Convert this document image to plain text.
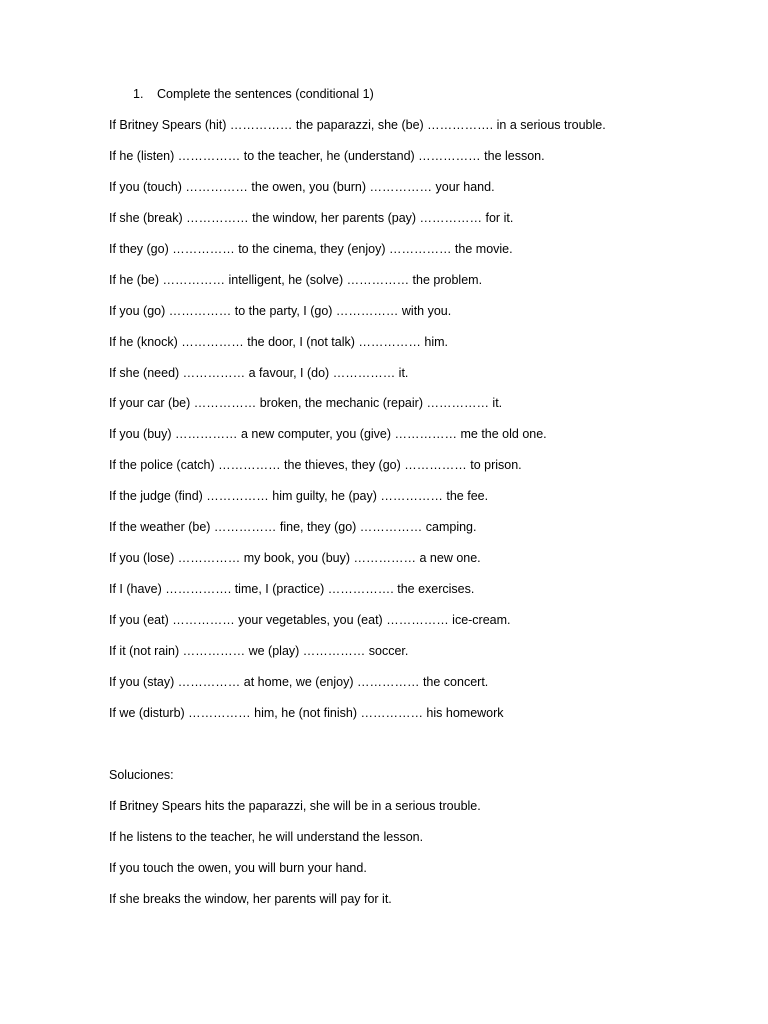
1.	Complete the sentences (conditional 1)
If Britney Spears (hit) …………… the paparazzi, she (be) ……………. in a serious trouble.
If he (listen) …………… to the teacher, he (understand) …………… the lesson.
If you (touch) …………… the owen, you (burn) …………… your hand.
If she (break) …………… the window, her parents (pay) …………… for it.
If they (go) …………… to the cinema, they (enjoy) …………… the movie.
If he (be) …………… intelligent, he (solve) …………… the problem.
If you (go) …………… to the party, I (go) …………… with you.
If he (knock) …………… the door, I (not talk) …………… him.
If she (need) …………… a favour, I (do) …………… it.
If your car (be) …………… broken, the mechanic (repair) …………… it.
If you (buy) …………… a new computer, you (give) …………… me the old one.
If the police (catch) …………… the thieves, they (go) …………… to prison.
If the judge (find) …………… him guilty, he (pay) …………… the fee.
If the weather (be) …………… fine, they (go) …………… camping.
If you (lose) …………… my book, you (buy) …………… a new one.
If I (have) ……………. time, I (practice) ……………. the exercises.
If you (eat) …………… your vegetables, you (eat) …………… ice-cream.
If it (not rain) …………… we (play) …………… soccer.
If you (stay) …………… at home, we (enjoy) …………… the concert.
If we (disturb) …………… him, he (not finish) …………… his homework
Soluciones:
If Britney Spears hits the paparazzi, she will be in a serious trouble.
If he listens to the teacher, he will understand the lesson.
If you touch the owen, you will burn your hand.
If she breaks the window, her parents will pay for it.
